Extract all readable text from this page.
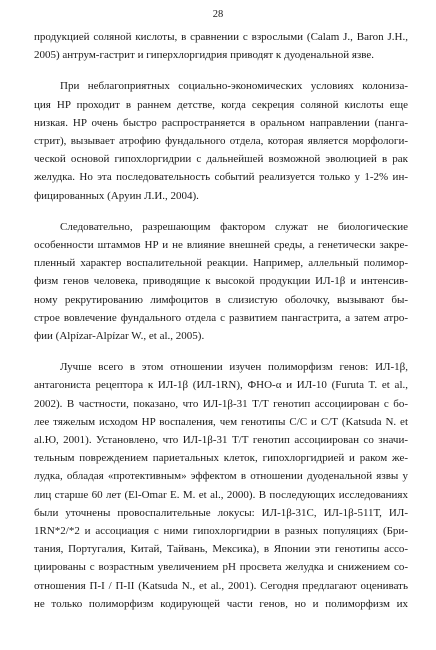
28
продукцией соляной кислоты, в сравнении с взрослыми (Calam J., Baron J.H.,
2005) антрум-гастрит и гиперхлоргидрия приводят к дуоденальной язве.
При неблагоприятных социально-экономических условиях колониза-
ция HP проходит в раннем детстве, когда секреция соляной кислоты еще
низкая. HP очень быстро распространяется в оральном направлении (панга-
стрит), вызывает атрофию фундального отдела, которая является морфологи-
ческой основой гипохлоргидрии с дальнейшей возможной эволюцией в рак
желудка. Но эта последовательность событий реализуется только у 1-2% ин-
фицированных (Аруин Л.И., 2004).
Следовательно, разрешающим фактором служат не биологические
особенности штаммов HP и не влияние внешней среды, а генетически закре-
пленный характер воспалительной реакции. Например, аллельный полимор-
физм генов человека, приводящие к высокой продукции ИЛ-1β и интенсив-
ному рекрутированию лимфоцитов в слизистую оболочку, вызывают бы-
строе вовлечение фундального отдела с развитием пангастрита, а затем атро-
фии (Alpízar-Alpízar W., et al., 2005).
Лучше всего в этом отношении изучен полиморфизм генов: ИЛ-1β,
антагониста рецептора к ИЛ-1β (ИЛ-1RN), ФНО-α и ИЛ-10 (Furuta T. et al.,
2002). В частности, показано, что ИЛ-1β-31 Т/Т генотип ассоциирован с бо-
лее тяжелым исходом HP воспаления, чем генотипы С/С и С/Т (Katsuda N. et
al.Ю, 2001). Установлено, что ИЛ-1β-31 Т/Т генотип ассоциирован со значи-
тельным повреждением париетальных клеток, гипохлоргидрией и раком же-
лудка, обладая «протективным» эффектом в отношении дуоденальной язвы у
лиц старше 60 лет (El-Omar E. M. et al., 2000). В последующих исследованиях
были уточнены провоспалительные локусы: ИЛ-1β-31С, ИЛ-1β-511Т, ИЛ-
1RN*2/*2 и ассоциация с ними гипохлоргидрии в разных популяциях (Бри-
тания, Португалия, Китай, Тайвань, Мексика), в Японии эти генотипы ассо-
циированы с возрастным увеличением pH просвета желудка и снижением со-
отношения П-I / П-II (Katsuda N., et al., 2001). Сегодня предлагают оценивать
не только полиморфизм кодирующей части генов, но и полиморфизм их
